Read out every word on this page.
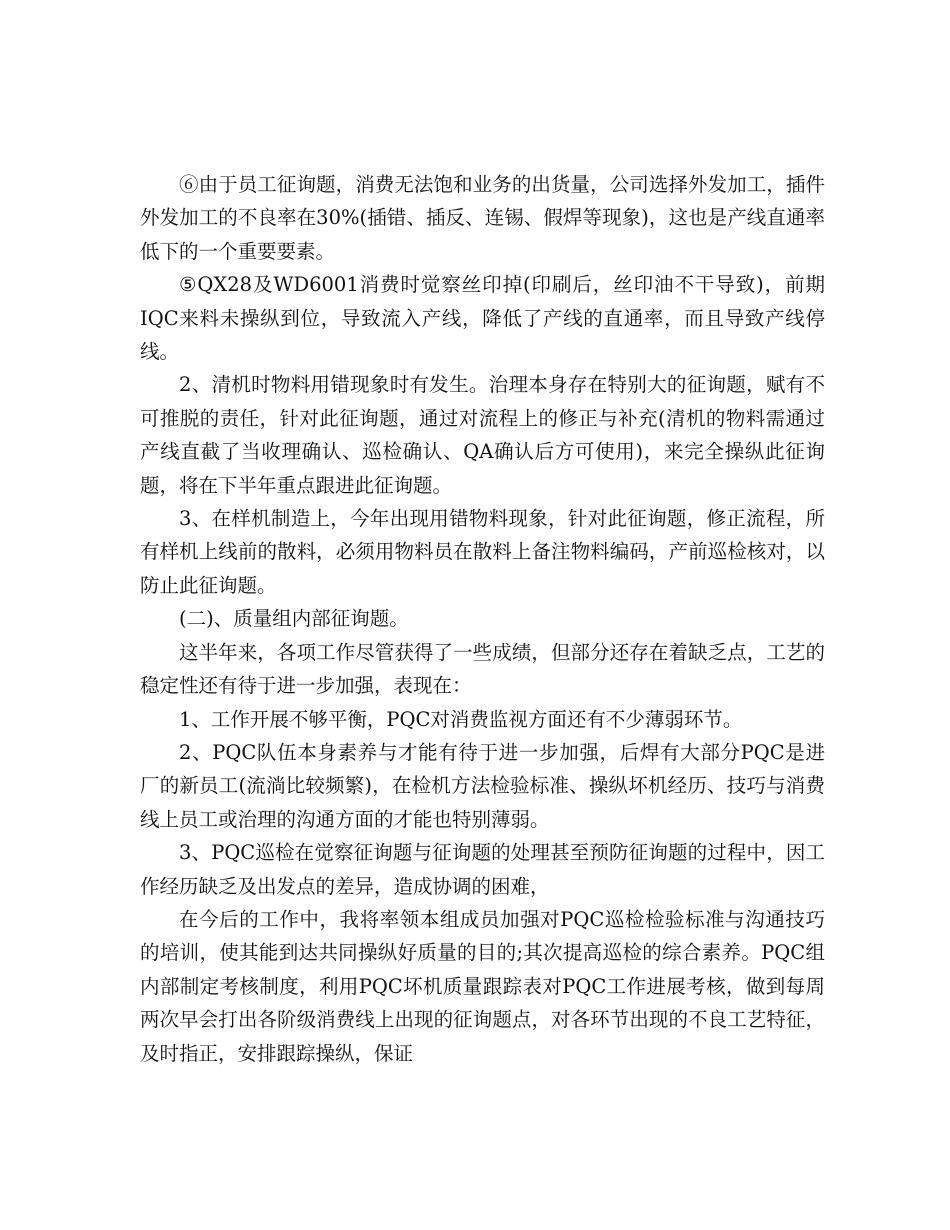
⑥由于员工征询题，消费无法饱和业务的出货量，公司选择外发加工，插件外发加工的不良率在30%(插错、插反、连锡、假焊等现象)，这也是产线直通率低下的一个重要要素。

⑤QX28及WD6001消费时觉察丝印掉(印刷后，丝印油不干导致)，前期IQC来料未操纵到位，导致流入产线，降低了产线的直通率，而且导致产线停线。

2、清机时物料用错现象时有发生。治理本身存在特别大的征询题，赋有不可推脱的责任，针对此征询题，通过对流程上的修正与补充(清机的物料需通过产线直截了当收理确认、巡检确认、QA确认后方可使用)，来完全操纵此征询题，将在下半年重点跟进此征询题。

3、在样机制造上，今年出现用错物料现象，针对此征询题，修正流程，所有样机上线前的散料，必须用物料员在散料上备注物料编码，产前巡检核对，以防止此征询题。

(二)、质量组内部征询题。

这半年来，各项工作尽管获得了一些成绩，但部分还存在着缺乏点，工艺的稳定性还有待于进一步加强，表现在：

1、工作开展不够平衡，PQC对消费监视方面还有不少薄弱环节。

2、PQC队伍本身素养与才能有待于进一步加强，后焊有大部分PQC是进厂的新员工(流淌比较频繁)，在检机方法检验标准、操纵坏机经历、技巧与消费线上员工或治理的沟通方面的才能也特别薄弱。

3、PQC巡检在觉察征询题与征询题的处理甚至预防征询题的过程中，因工作经历缺乏及出发点的差异，造成协调的困难，

在今后的工作中，我将率领本组成员加强对PQC巡检检验标准与沟通技巧的培训，使其能到达共同操纵好质量的目的;其次提高巡检的综合素养。PQC组内部制定考核制度，利用PQC坏机质量跟踪表对PQC工作进展考核，做到每周两次早会打出各阶级消费线上出现的征询题点，对各环节出现的不良工艺特征，及时指正，安排跟踪操纵，保证
